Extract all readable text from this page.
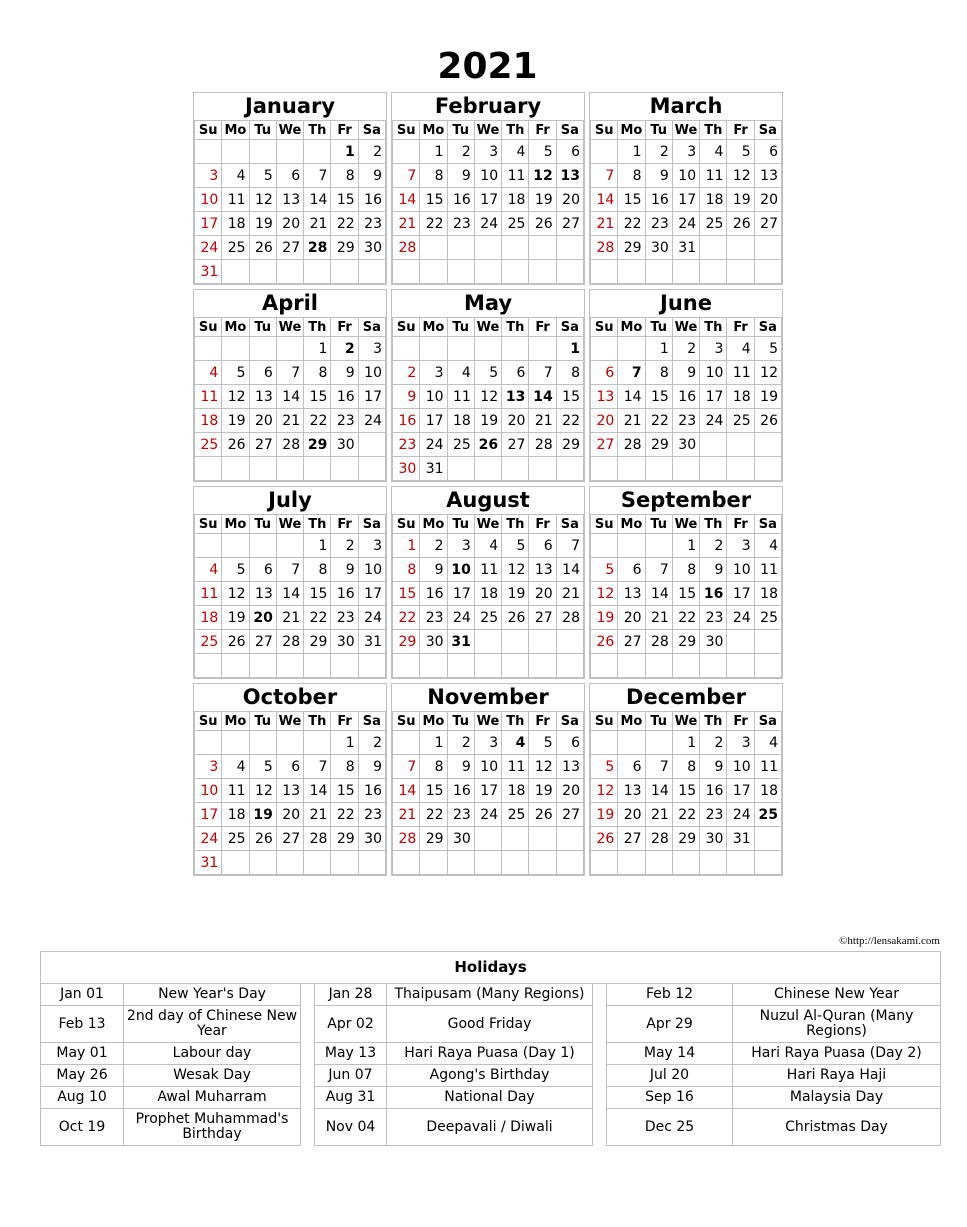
2021
January
Su	Mo	Tu	We	Th	Fr	Sa
					1	2
3	4	5	6	7	8	9
10	11	12	13	14	15	16
17	18	19	20	21	22	23
24	25	26	27	28	29	30
31						
February
Su	Mo	Tu	We	Th	Fr	Sa
	1	2	3	4	5	6
7	8	9	10	11	12	13
14	15	16	17	18	19	20
21	22	23	24	25	26	27
28						

March
Su	Mo	Tu	We	Th	Fr	Sa
	1	2	3	4	5	6
7	8	9	10	11	12	13
14	15	16	17	18	19	20
21	22	23	24	25	26	27
28	29	30	31			

April
Su	Mo	Tu	We	Th	Fr	Sa
				1	2	3
4	5	6	7	8	9	10
11	12	13	14	15	16	17
18	19	20	21	22	23	24
25	26	27	28	29	30	

May
Su	Mo	Tu	We	Th	Fr	Sa
						1
2	3	4	5	6	7	8
9	10	11	12	13	14	15
16	17	18	19	20	21	22
23	24	25	26	27	28	29
30	31					
June
Su	Mo	Tu	We	Th	Fr	Sa
		1	2	3	4	5
6	7	8	9	10	11	12
13	14	15	16	17	18	19
20	21	22	23	24	25	26
27	28	29	30			

July
Su	Mo	Tu	We	Th	Fr	Sa
				1	2	3
4	5	6	7	8	9	10
11	12	13	14	15	16	17
18	19	20	21	22	23	24
25	26	27	28	29	30	31

August
Su	Mo	Tu	We	Th	Fr	Sa
1	2	3	4	5	6	7
8	9	10	11	12	13	14
15	16	17	18	19	20	21
22	23	24	25	26	27	28
29	30	31				

September
Su	Mo	Tu	We	Th	Fr	Sa
			1	2	3	4
5	6	7	8	9	10	11
12	13	14	15	16	17	18
19	20	21	22	23	24	25
26	27	28	29	30		

October
Su	Mo	Tu	We	Th	Fr	Sa
					1	2
3	4	5	6	7	8	9
10	11	12	13	14	15	16
17	18	19	20	21	22	23
24	25	26	27	28	29	30
31						
November
Su	Mo	Tu	We	Th	Fr	Sa
	1	2	3	4	5	6
7	8	9	10	11	12	13
14	15	16	17	18	19	20
21	22	23	24	25	26	27
28	29	30				

December
Su	Mo	Tu	We	Th	Fr	Sa
			1	2	3	4
5	6	7	8	9	10	11
12	13	14	15	16	17	18
19	20	21	22	23	24	25
26	27	28	29	30	31	

©http://lensakami.com
Holidays							
Jan 01	New Year's Day		Jan 28	Thaipusam (Many Regions)		Feb 12	Chinese New Year
Feb 13	2nd day of Chinese New Year		Apr 02	Good Friday		Apr 29	Nuzul Al-Quran (Many Regions)
May 01	Labour day		May 13	Hari Raya Puasa (Day 1)		May 14	Hari Raya Puasa (Day 2)
May 26	Wesak Day		Jun 07	Agong's Birthday		Jul 20	Hari Raya Haji
Aug 10	Awal Muharram		Aug 31	National Day		Sep 16	Malaysia Day
Oct 19	Prophet Muhammad's Birthday		Nov 04	Deepavali / Diwali		Dec 25	Christmas Day
